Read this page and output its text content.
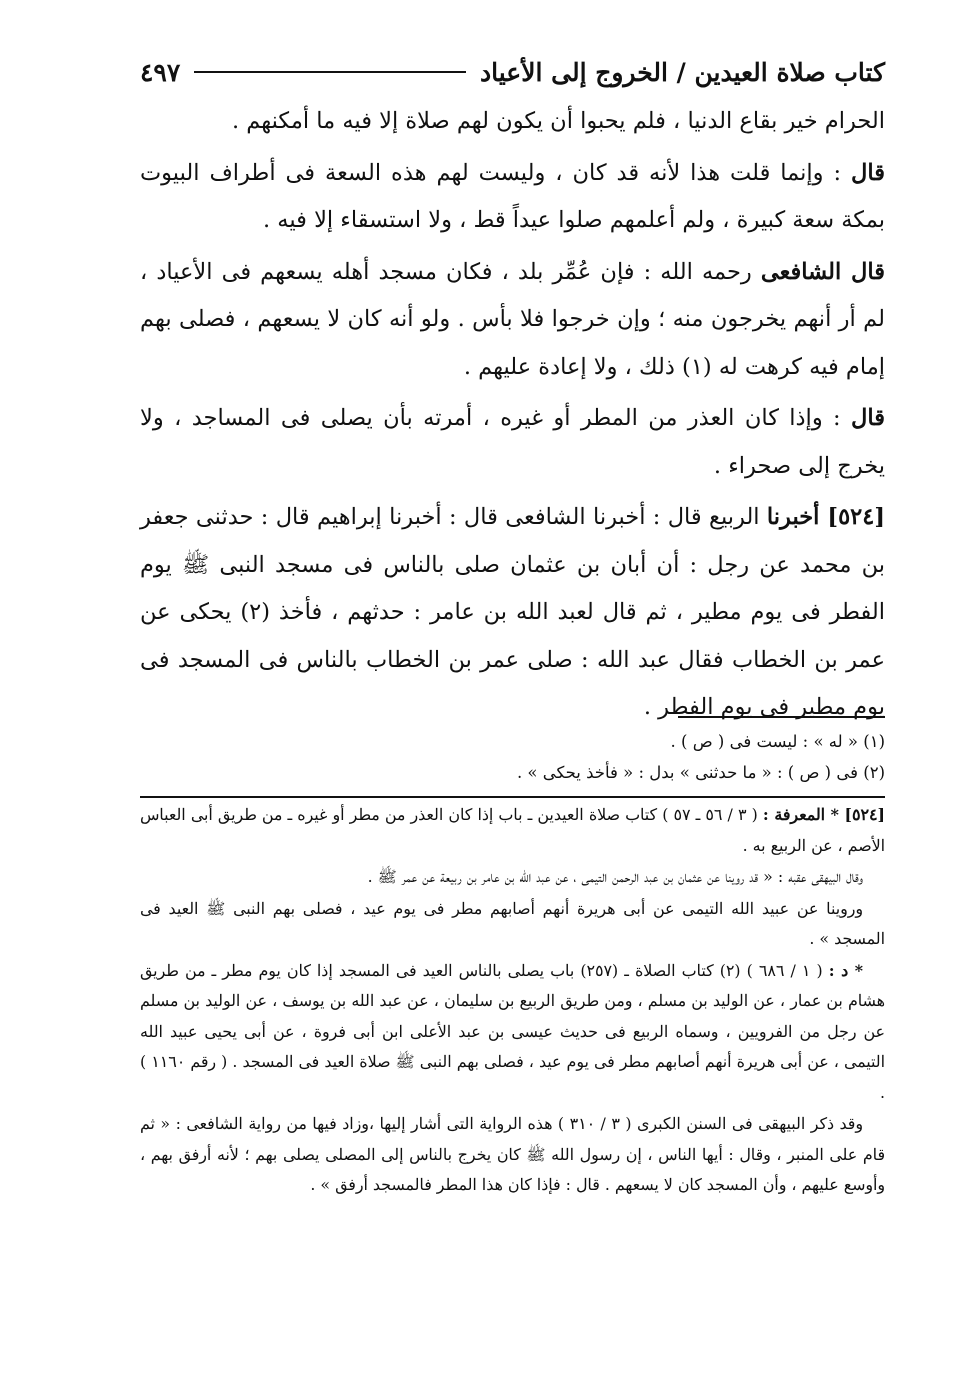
كتاب صلاة العيدين / الخروج إلى الأعياد
٤٩٧

الحرام خير بقاع الدنيا ، فلم يحبوا أن يكون لهم صلاة إلا فيه ما أمكنهم .

قال : وإنما قلت هذا لأنه قد كان ، وليست لهم هذه السعة فى أطراف البيوت بمكة سعة كبيرة ، ولم أعلمهم صلوا عيداً قط ، ولا استسقاء إلا فيه .

قال الشافعى رحمه الله : فإن عُمِّر بلد ، فكان مسجد أهله يسعهم فى الأعياد ، لم أر أنهم يخرجون منه ؛ وإن خرجوا فلا بأس . ولو أنه كان لا يسعهم ، فصلى بهم إمام فيه كرهت له (١) ذلك ، ولا إعادة عليهم .

قال : وإذا كان العذر من المطر أو غيره ، أمرته بأن يصلى فى المساجد ، ولا يخرج إلى صحراء .

[٥٢٤] أخبرنا الربيع قال : أخبرنا الشافعى قال : أخبرنا إبراهيم قال : حدثنى جعفر بن محمد عن رجل : أن أبان بن عثمان صلى بالناس فى مسجد النبى ﷺ يوم الفطر فى يوم مطير ، ثم قال لعبد الله بن عامر : حدثهم ، فأخذ (٢) يحكى عن عمر بن الخطاب فقال عبد الله : صلى عمر بن الخطاب بالناس فى المسجد فى يوم مطير فى يوم الفطر .

(١) « له » : ليست فى ( ص ) .

(٢) فى ( ص ) : « ما حدثنى » بدل : « فأخذ يحكى » .

[٥٢٤] * المعرفة : ( ٣ / ٥٦ ـ ٥٧ ) كتاب صلاة العيدين ـ باب إذا كان العذر من مطر أو غيره ـ من طريق أبى العباس الأصم ، عن الربيع به .

وقال البيهقى عقبه : « قد روينا عن عثمان بن عبد الرحمن التيمى ، عن عبد الله بن عامر بن ربيعة عن عمر ﷺ .

وروينا عن عبيد الله التيمى عن أبى هريرة أنهم أصابهم مطر فى يوم عيد ، فصلى بهم النبى ﷺ العيد فى المسجد » .

* د : ( ١ / ٦٨٦ ) (٢) كتاب الصلاة ـ (٢٥٧) باب يصلى بالناس العيد فى المسجد إذا كان يوم مطر ـ من طريق هشام بن عمار ، عن الوليد بن مسلم ، ومن طريق الربيع بن سليمان ، عن عبد الله بن يوسف ، عن الوليد بن مسلم عن رجل من الفرويين ، وسماه الربيع فى حديث عيسى بن عبد الأعلى ابن أبى فروة ، عن أبى يحيى عبيد الله التيمى ، عن أبى هريرة أنهم أصابهم مطر فى يوم عيد ، فصلى بهم النبى ﷺ صلاة العيد فى المسجد . ( رقم ١١٦٠ ) .

وقد ذكر البيهقى فى السنن الكبرى ( ٣ / ٣١٠ ) هذه الرواية التى أشار إليها ،وزاد فيها من رواية الشافعى : « ثم قام على المنبر ، وقال : أيها الناس ، إن رسول الله ﷺ كان يخرج بالناس إلى المصلى يصلى بهم ؛ لأنه أرفق بهم ، وأوسع عليهم ، وأن المسجد كان لا يسعهم . قال : فإذا كان هذا المطر فالمسجد أرفق » .
